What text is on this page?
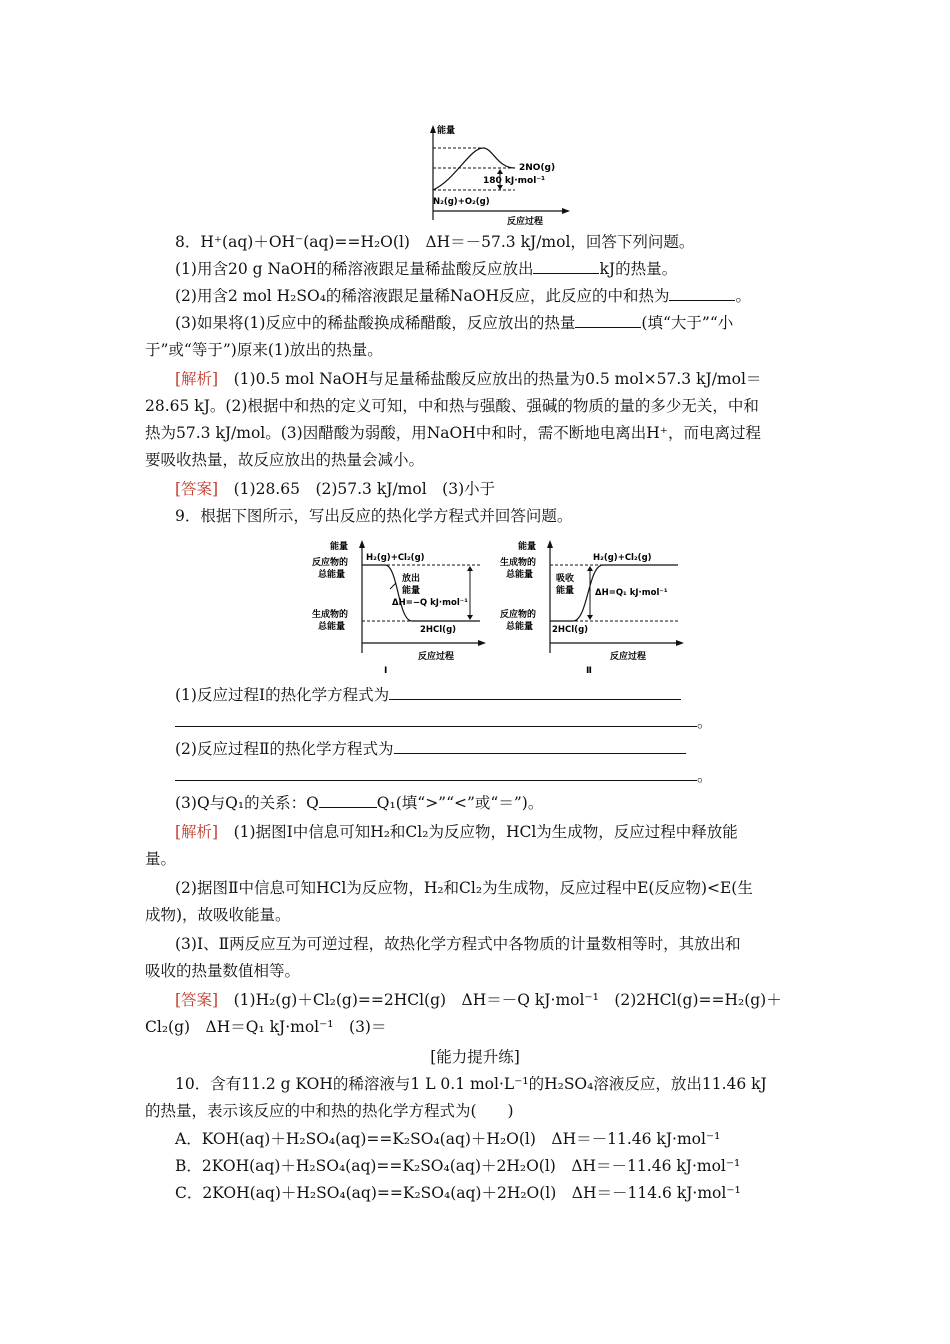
能量
2NO(g)
180 kJ·mol⁻¹
N₂(g)+O₂(g)
反应过程
8．H⁺(aq)＋OH⁻(aq)==H₂O(l)　ΔH＝－57.3 kJ/mol，回答下列问题。
(1)用含20 g NaOH的稀溶液跟足量稀盐酸反应放出	kJ的热量。
(2)用含2 mol H₂SO₄的稀溶液跟足量稀NaOH反应，此反应的中和热为	。
(3)如果将(1)反应中的稀盐酸换成稀醋酸，反应放出的热量	(填“大于”“小
于”或“等于”)原来(1)放出的热量。
[解析]　 (1)0.5 mol NaOH与足量稀盐酸反应放出的热量为0.5 mol×57.3 kJ/mol＝
28.65 kJ。(2)根据中和热的定义可知，中和热与强酸、强碱的物质的量的多少无关，中和
热为57.3 kJ/mol。(3)因醋酸为弱酸，用NaOH中和时，需不断地电离出H⁺，而电离过程
要吸收热量，故反应放出的热量会减小。
[答案]　 (1)28.65　(2)57.3 kJ/mol　(3)小于
9．根据下图所示，写出反应的热化学方程式并回答问题。
能量
反应物的
总能量
生成物的
总能量
H₂(g)+Cl₂(g)
2HCl(g)
放出
能量
ΔH=−Q kJ·mol⁻¹
反应过程
Ⅰ
能量
生成物的
总能量
反应物的
总能量
H₂(g)+Cl₂(g)
2HCl(g)
吸收
能量 ΔH=Q₁ kJ·mol⁻¹
反应过程
Ⅱ
(1)反应过程Ⅰ的热化学方程式为
。
(2)反应过程Ⅱ的热化学方程式为
。
(3)Q与Q₁的关系：Q	Q₁(填“>”“<”或“＝”)。
[解析]　 (1)据图Ⅰ中信息可知H₂和Cl₂为反应物，HCl为生成物，反应过程中释放能
量。
(2)据图Ⅱ中信息可知HCl为反应物，H₂和Cl₂为生成物，反应过程中E(反应物)<E(生
成物)，故吸收能量。
(3)Ⅰ、Ⅱ两反应互为可逆过程，故热化学方程式中各物质的计量数相等时，其放出和
吸收的热量数值相等。
[答案]　 (1)H₂(g)＋Cl₂(g)==2HCl(g)　ΔH＝－Q kJ·mol⁻¹　(2)2HCl(g)==H₂(g)＋
Cl₂(g)　ΔH＝Q₁ kJ·mol⁻¹　(3)＝
[能力提升练]
10．含有11.2 g KOH的稀溶液与1 L 0.1 mol·L⁻¹的H₂SO₄溶液反应，放出11.46 kJ
的热量，表示该反应的中和热的热化学方程式为(　　)
A．KOH(aq)＋H₂SO₄(aq)==K₂SO₄(aq)＋H₂O(l)　ΔH＝－11.46 kJ·mol⁻¹
B．2KOH(aq)＋H₂SO₄(aq)==K₂SO₄(aq)＋2H₂O(l)　ΔH＝－11.46 kJ·mol⁻¹
C．2KOH(aq)＋H₂SO₄(aq)==K₂SO₄(aq)＋2H₂O(l)　ΔH＝－114.6 kJ·mol⁻¹
